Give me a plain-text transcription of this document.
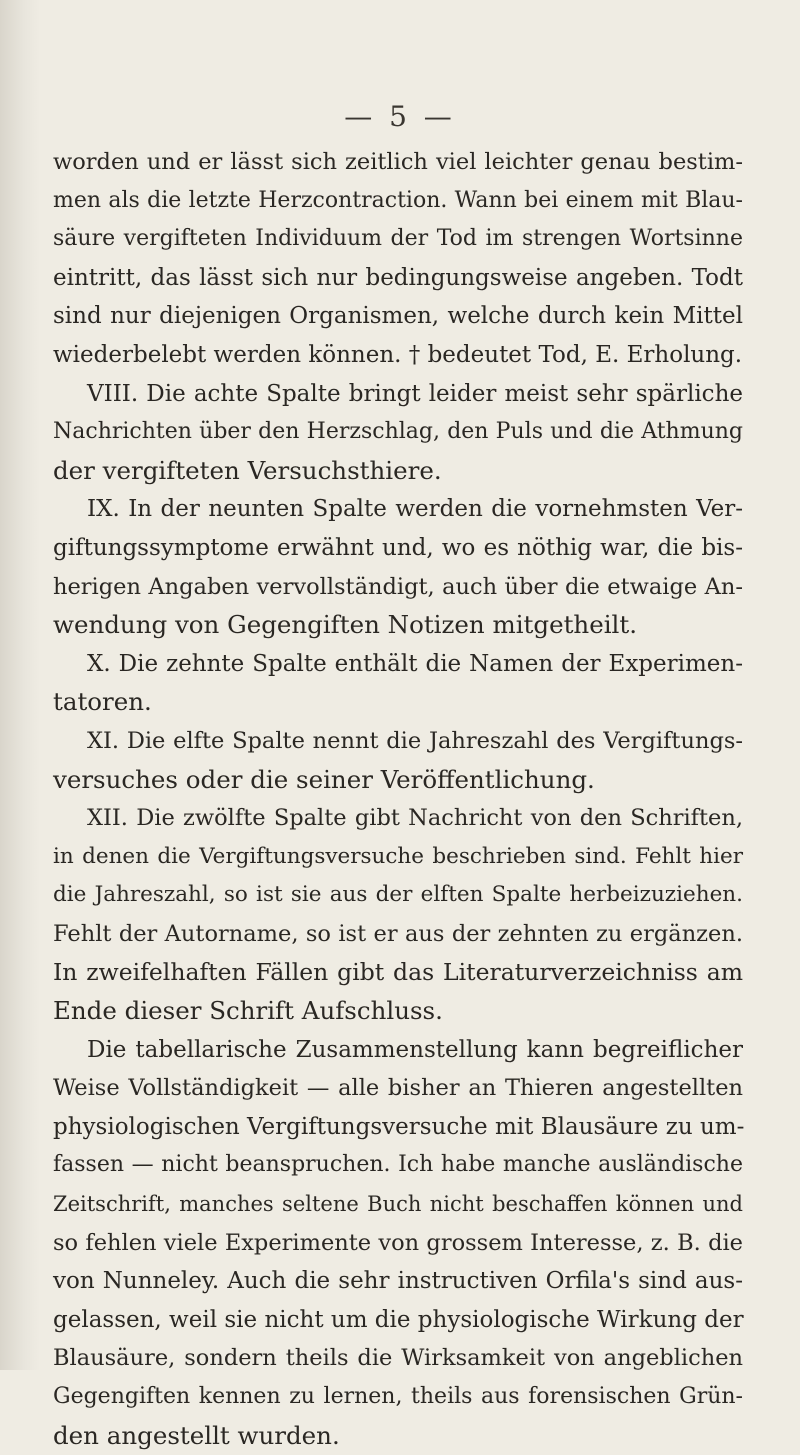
— 5 —
worden und er lässt sich zeitlich viel leichter genau bestim-
men als die letzte Herzcontraction. Wann bei einem mit Blau-
säure vergifteten Individuum der Tod im strengen Wortsinne
eintritt, das lässt sich nur bedingungsweise angeben. Todt
sind nur diejenigen Organismen, welche durch kein Mittel
wiederbelebt werden können. † bedeutet Tod, E. Erholung.
VIII. Die achte Spalte bringt leider meist sehr spärliche
Nachrichten über den Herzschlag, den Puls und die Athmung
der vergifteten Versuchsthiere.
IX. In der neunten Spalte werden die vornehmsten Ver-
giftungssymptome erwähnt und, wo es nöthig war, die bis-
herigen Angaben vervollständigt, auch über die etwaige An-
wendung von Gegengiften Notizen mitgetheilt.
X. Die zehnte Spalte enthält die Namen der Experimen-
tatoren.
XI. Die elfte Spalte nennt die Jahreszahl des Vergiftungs-
versuches oder die seiner Veröffentlichung.
XII. Die zwölfte Spalte gibt Nachricht von den Schriften,
in denen die Vergiftungsversuche beschrieben sind. Fehlt hier
die Jahreszahl, so ist sie aus der elften Spalte herbeizuziehen.
Fehlt der Autorname, so ist er aus der zehnten zu ergänzen.
In zweifelhaften Fällen gibt das Literaturverzeichniss am
Ende dieser Schrift Aufschluss.
Die tabellarische Zusammenstellung kann begreiflicher
Weise Vollständigkeit — alle bisher an Thieren angestellten
physiologischen Vergiftungsversuche mit Blausäure zu um-
fassen — nicht beanspruchen. Ich habe manche ausländische
Zeitschrift, manches seltene Buch nicht beschaffen können und
so fehlen viele Experimente von grossem Interesse, z. B. die
von Nunneley. Auch die sehr instructiven Orfila's sind aus-
gelassen, weil sie nicht um die physiologische Wirkung der
Blausäure, sondern theils die Wirksamkeit von angeblichen
Gegengiften kennen zu lernen, theils aus forensischen Grün-
den angestellt wurden.
